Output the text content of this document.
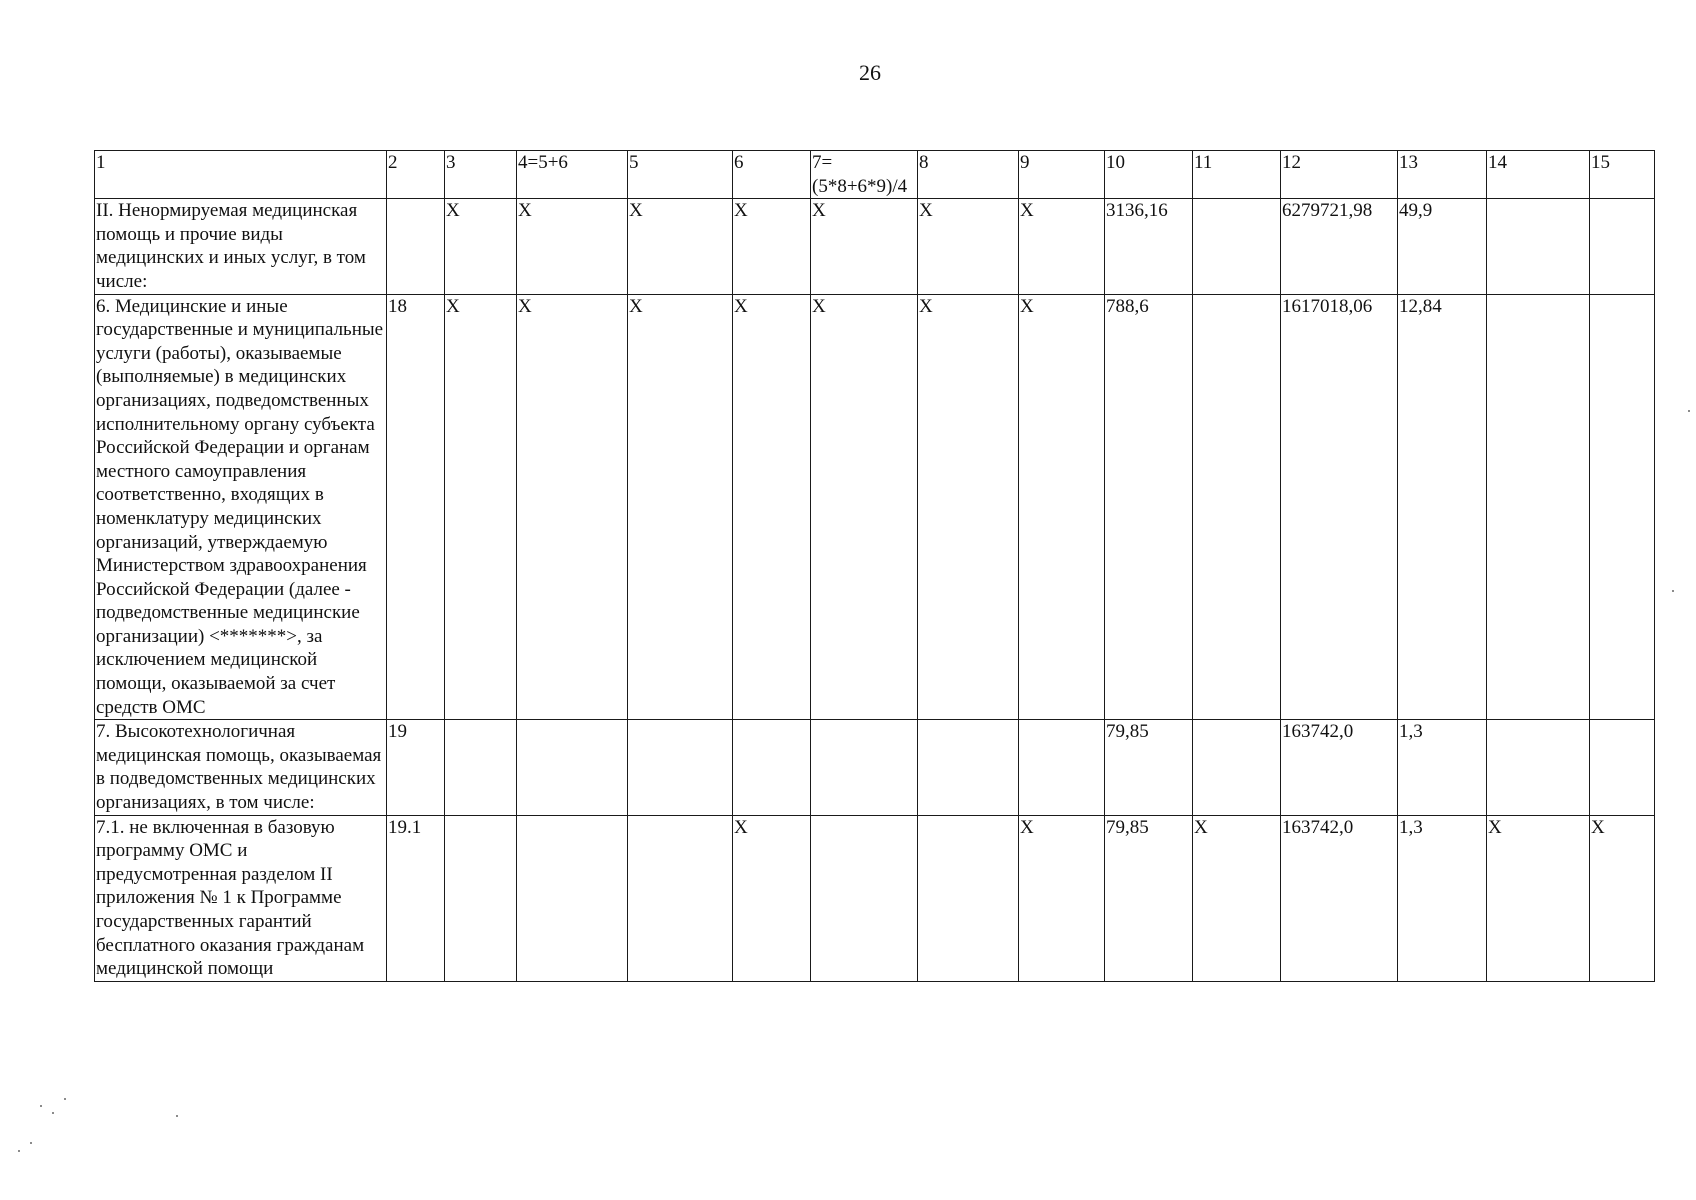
26
1	2	3	4=5+6	5	6	7=
(5*8+6*9)/4	8	9	10	11	12	13	14	15
II. Ненормируемая медицинская помощь и прочие виды медицинских и иных услуг, в том числе:		X	X	X	X	X	X	X	3136,16		6279721,98	49,9		
6. Медицинские и иные государственные и муниципальные услуги (работы), оказываемые (выполняемые) в медицинских организациях, подведомственных исполнительному органу субъекта Российской Федерации и органам местного самоуправления соответственно, входящих в номенклатуру медицинских организаций, утверждаемую Министерством здравоохранения Российской Федерации (далее - подведомственные медицинские организации) <*******>, за исключением медицинской помощи, оказываемой за счет средств ОМС	18	X	X	X	X	X	X	X	788,6		1617018,06	12,84		
7. Высокотехнологичная медицинская помощь, оказываемая в подведомственных медицинских организациях, в том числе:	19								79,85		163742,0	1,3		
7.1. не включенная в базовую программу ОМС и предусмотренная разделом II приложения № 1 к Программе государственных гарантий бесплатного оказания гражданам медицинской помощи	19.1				X			X	79,85	X	163742,0	1,3	X	X
